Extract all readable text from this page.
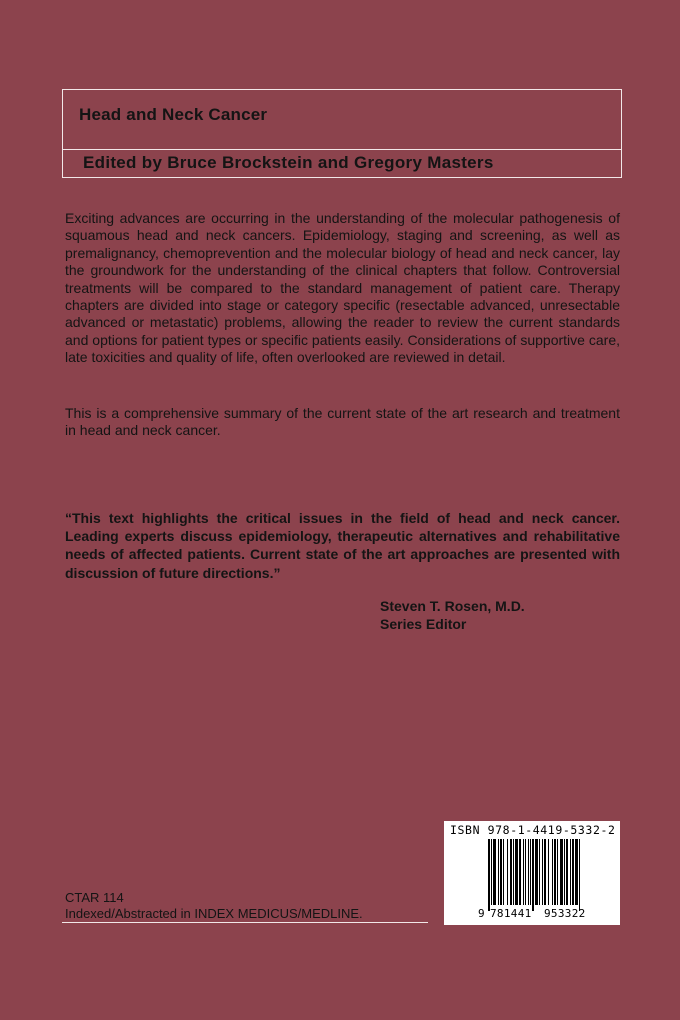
Head and Neck Cancer
Edited by Bruce Brockstein and Gregory Masters

Exciting advances are occurring in the understanding of the molecular pathogenesis of squamous head and neck cancers. Epidemiology, staging and screening, as well as premalignancy, chemoprevention and the molecular biology of head and neck cancer, lay the groundwork for the understanding of the clinical chapters that follow. Controversial treatments will be compared to the standard management of patient care. Therapy chapters are divided into stage or category specific (resectable advanced, unresectable advanced or metastatic) problems, allowing the reader to review the current standards and options for patient types or specific patients easily. Considerations of supportive care, late toxicities and quality of life, often overlooked are reviewed in detail.

This is a comprehensive summary of the current state of the art research and treatment in head and neck cancer.

“This text highlights the critical issues in the field of head and neck cancer. Leading experts discuss epidemiology, therapeutic alternatives and rehabilitative needs of affected patients. Current state of the art approaches are presented with discussion of future directions.”

Steven T. Rosen, M.D.
Series Editor
CTAR 114
Indexed/Abstracted in INDEX MEDICUS/MEDLINE.
ISBN 978-1-4419-5332-2
9 781441 953322
